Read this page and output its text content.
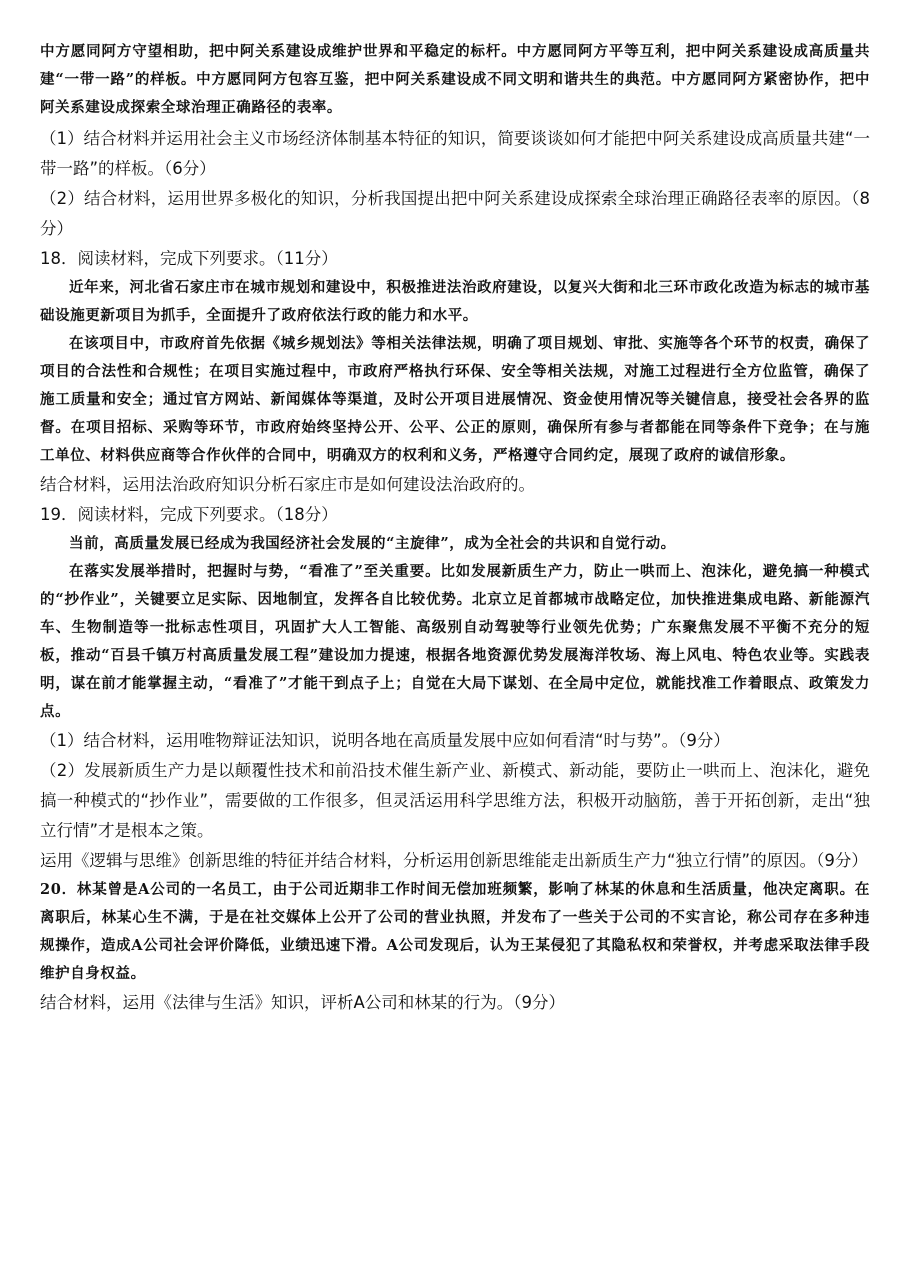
中方愿同阿方守望相助，把中阿关系建设成维护世界和平稳定的标杆。中方愿同阿方平等互利，把中阿关系建设成高质量共建“一带一路”的样板。中方愿同阿方包容互鉴，把中阿关系建设成不同文明和谐共生的典范。中方愿同阿方紧密协作，把中阿关系建设成探索全球治理正确路径的表率。

（1）结合材料并运用社会主义市场经济体制基本特征的知识，简要谈谈如何才能把中阿关系建设成高质量共建“一带一路”的样板。（6分）

（2）结合材料，运用世界多极化的知识，分析我国提出把中阿关系建设成探索全球治理正确路径表率的原因。（8分）

18．阅读材料，完成下列要求。（11分）

近年来，河北省石家庄市在城市规划和建设中，积极推进法治政府建设，以复兴大街和北三环市政化改造为标志的城市基础设施更新项目为抓手，全面提升了政府依法行政的能力和水平。

在该项目中，市政府首先依据《城乡规划法》等相关法律法规，明确了项目规划、审批、实施等各个环节的权责，确保了项目的合法性和合规性；在项目实施过程中，市政府严格执行环保、安全等相关法规，对施工过程进行全方位监管，确保了施工质量和安全；通过官方网站、新闻媒体等渠道，及时公开项目进展情况、资金使用情况等关键信息，接受社会各界的监督。在项目招标、采购等环节，市政府始终坚持公开、公平、公正的原则，确保所有参与者都能在同等条件下竞争；在与施工单位、材料供应商等合作伙伴的合同中，明确双方的权利和义务，严格遵守合同约定，展现了政府的诚信形象。

结合材料，运用法治政府知识分析石家庄市是如何建设法治政府的。

19．阅读材料，完成下列要求。（18分）

当前，高质量发展已经成为我国经济社会发展的“主旋律”，成为全社会的共识和自觉行动。

在落实发展举措时，把握时与势，“看准了”至关重要。比如发展新质生产力，防止一哄而上、泡沫化，避免搞一种模式的“抄作业”，关键要立足实际、因地制宜，发挥各自比较优势。北京立足首都城市战略定位，加快推进集成电路、新能源汽车、生物制造等一批标志性项目，巩固扩大人工智能、高级别自动驾驶等行业领先优势；广东聚焦发展不平衡不充分的短板，推动“百县千镇万村高质量发展工程”建设加力提速，根据各地资源优势发展海洋牧场、海上风电、特色农业等。实践表明，谋在前才能掌握主动，“看准了”才能干到点子上；自觉在大局下谋划、在全局中定位，就能找准工作着眼点、政策发力点。

（1）结合材料，运用唯物辩证法知识，说明各地在高质量发展中应如何看清“时与势”。（9分）

（2）发展新质生产力是以颠覆性技术和前沿技术催生新产业、新模式、新动能，要防止一哄而上、泡沫化，避免搞一种模式的“抄作业”，需要做的工作很多，但灵活运用科学思维方法，积极开动脑筋，善于开拓创新，走出“独立行情”才是根本之策。

运用《逻辑与思维》创新思维的特征并结合材料，分析运用创新思维能走出新质生产力“独立行情”的原因。（9分）

20．林某曾是A公司的一名员工，由于公司近期非工作时间无偿加班频繁，影响了林某的休息和生活质量，他决定离职。在离职后，林某心生不满，于是在社交媒体上公开了公司的营业执照，并发布了一些关于公司的不实言论，称公司存在多种违规操作，造成A公司社会评价降低，业绩迅速下滑。A公司发现后，认为王某侵犯了其隐私权和荣誉权，并考虑采取法律手段维护自身权益。

结合材料，运用《法律与生活》知识，评析A公司和林某的行为。（9分）
